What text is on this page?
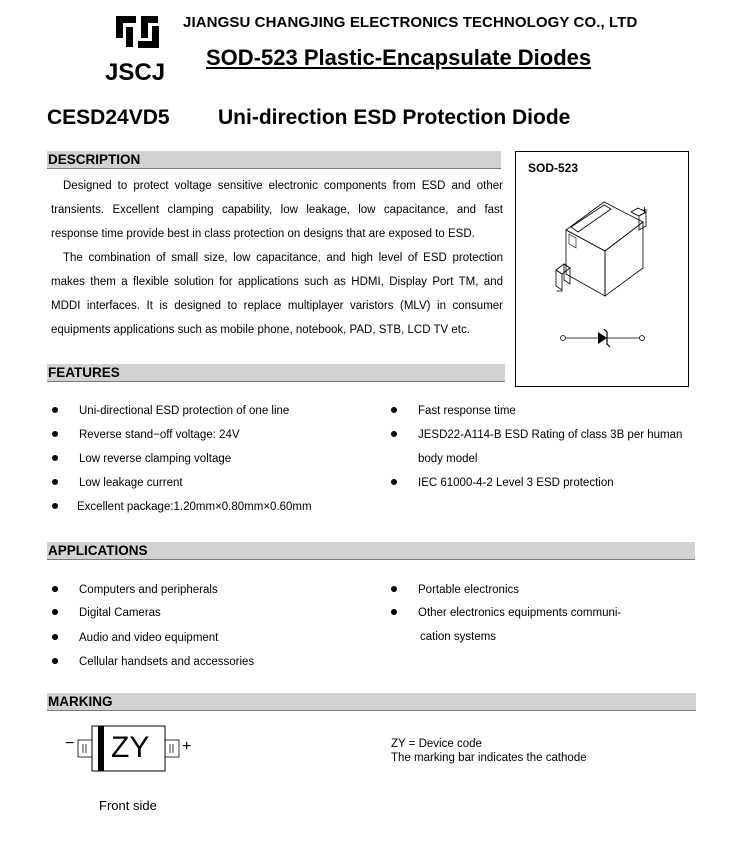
JSCJ
JIANGSU CHANGJING ELECTRONICS TECHNOLOGY CO., LTD
SOD-523 Plastic-Encapsulate Diodes
CESD24VD5 Uni-direction ESD Protection Diode
DESCRIPTION

Designed to protect voltage sensitive electronic components from ESD and other transients. Excellent clamping capability, low leakage, low capacitance, and fast response time provide best in class protection on designs that are exposed to ESD.

The combination of small size, low capacitance, and high level of ESD protection makes them a flexible solution for applications such as HDMI, Display Port TM, and MDDI interfaces. It is designed to replace multiplayer varistors (MLV) in consumer equipments applications such as mobile phone, notebook, PAD, STB, LCD TV etc.

SOD-523
+
−
FEATURES
Uni-directional ESD protection of one line
Reverse stand−off voltage: 24V
Low reverse clamping voltage
Low leakage current
Excellent package:1.20mm×0.80mm×0.60mm
Fast response time
JESD22-A114-B ESD Rating of class 3B per human
body model
IEC 61000-4-2 Level 3 ESD protection
APPLICATIONS
Computers and peripherals
Digital Cameras
Audio and video equipment
Cellular handsets and accessories
Portable electronics
Other electronics equipments communi-
cation systems
MARKING
− ZY +	ZY = Device code
The marking bar indicates the cathode
Front side
